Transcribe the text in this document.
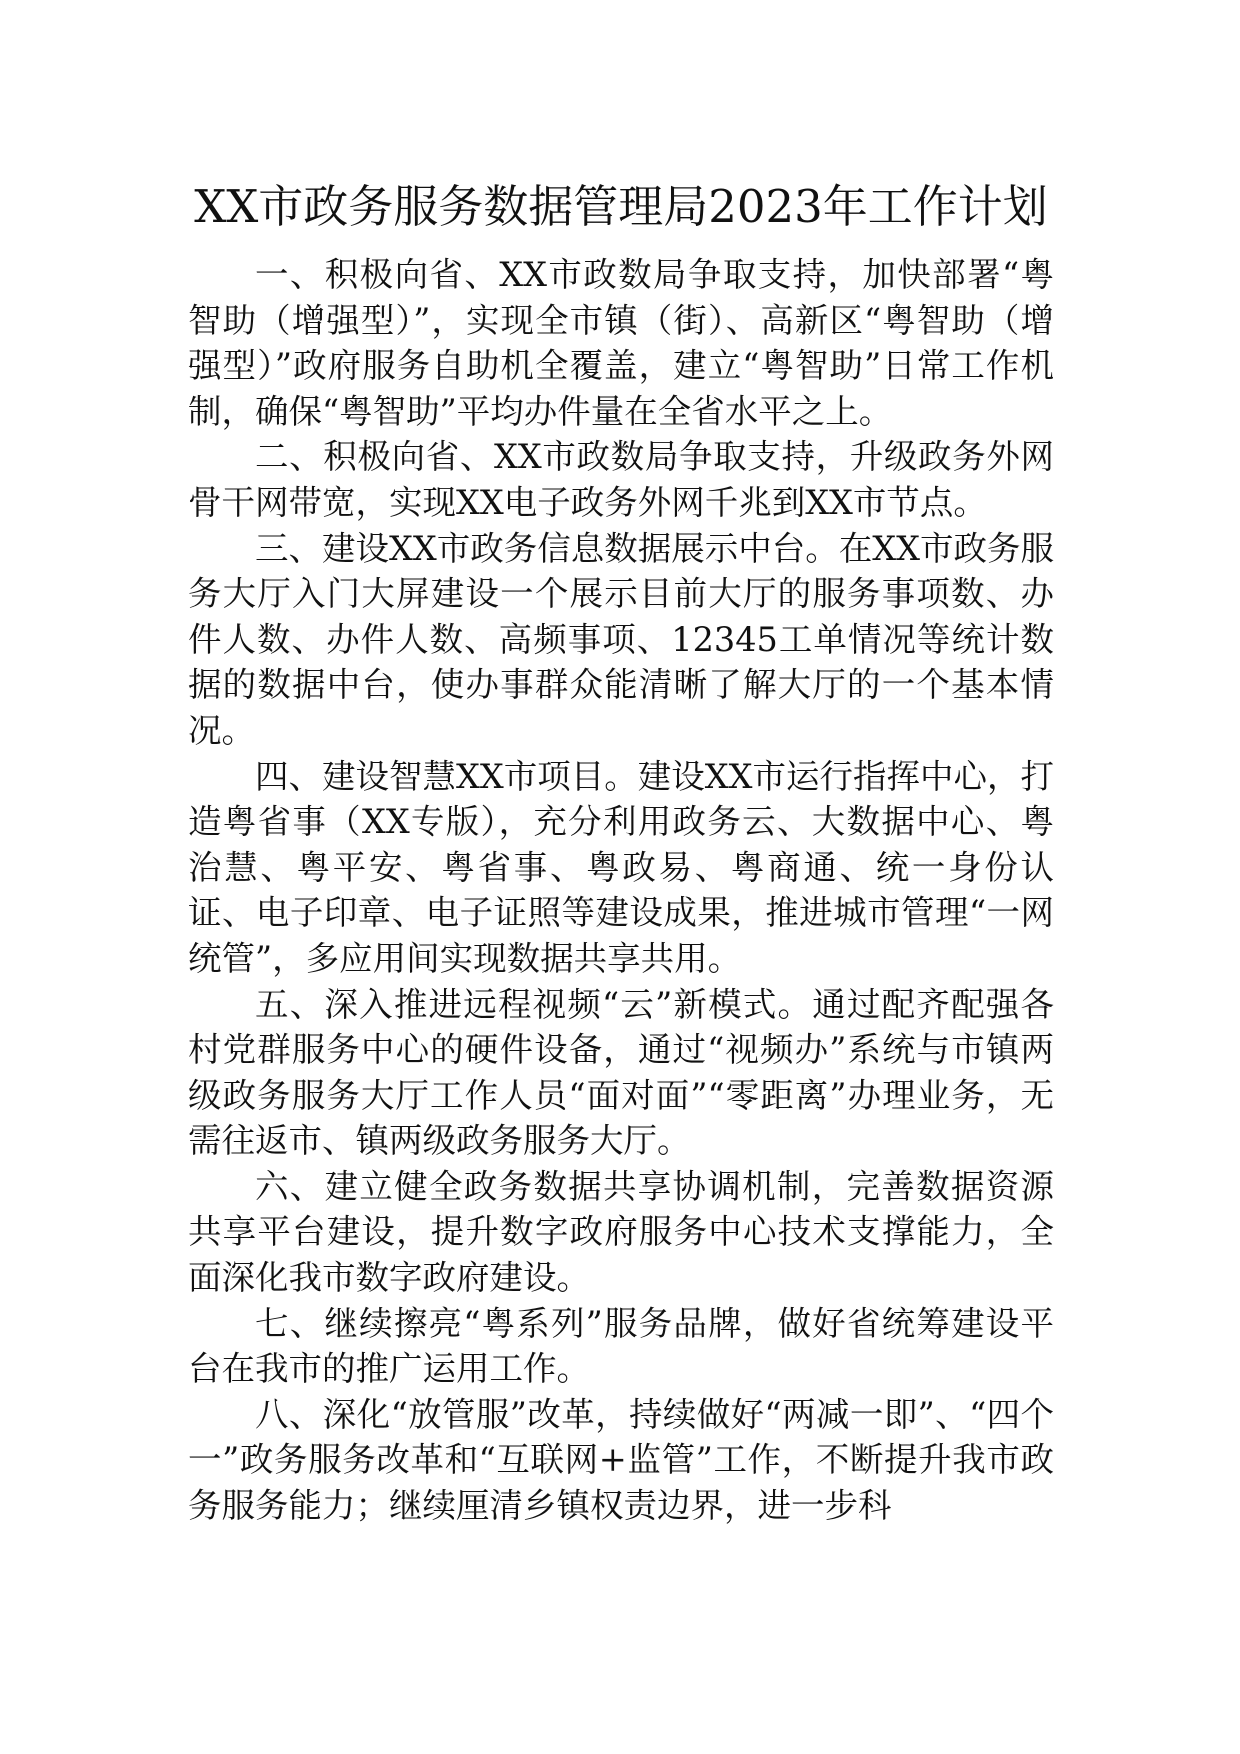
XX市政务服务数据管理局2023年工作计划

一、积极向省、XX市政数局争取支持，加快部署“粤智助（增强型）”，实现全市镇（街）、高新区“粤智助（增强型）”政府服务自助机全覆盖，建立“粤智助”日常工作机制，确保“粤智助”平均办件量在全省水平之上。

二、积极向省、XX市政数局争取支持，升级政务外网骨干网带宽，实现XX电子政务外网千兆到XX市节点。

三、建设XX市政务信息数据展示中台。在XX市政务服务大厅入门大屏建设一个展示目前大厅的服务事项数、办件人数、办件人数、高频事项、12345工单情况等统计数据的数据中台，使办事群众能清晰了解大厅的一个基本情况。

四、建设智慧XX市项目。建设XX市运行指挥中心，打造粤省事（XX专版），充分利用政务云、大数据中心、粤治慧、粤平安、粤省事、粤政易、粤商通、统一身份认证、电子印章、电子证照等建设成果，推进城市管理“一网统管”，多应用间实现数据共享共用。

五、深入推进远程视频“云”新模式。通过配齐配强各村党群服务中心的硬件设备，通过“视频办”系统与市镇两级政务服务大厅工作人员“面对面”“零距离”办理业务，无需往返市、镇两级政务服务大厅。

六、建立健全政务数据共享协调机制，完善数据资源共享平台建设，提升数字政府服务中心技术支撑能力，全面深化我市数字政府建设。

七、继续擦亮“粤系列”服务品牌，做好省统筹建设平台在我市的推广运用工作。

八、深化“放管服”改革，持续做好“两减一即”、“四个一”政务服务改革和“互联网+监管”工作，不断提升我市政务服务能力；继续厘清乡镇权责边界，进一步科
